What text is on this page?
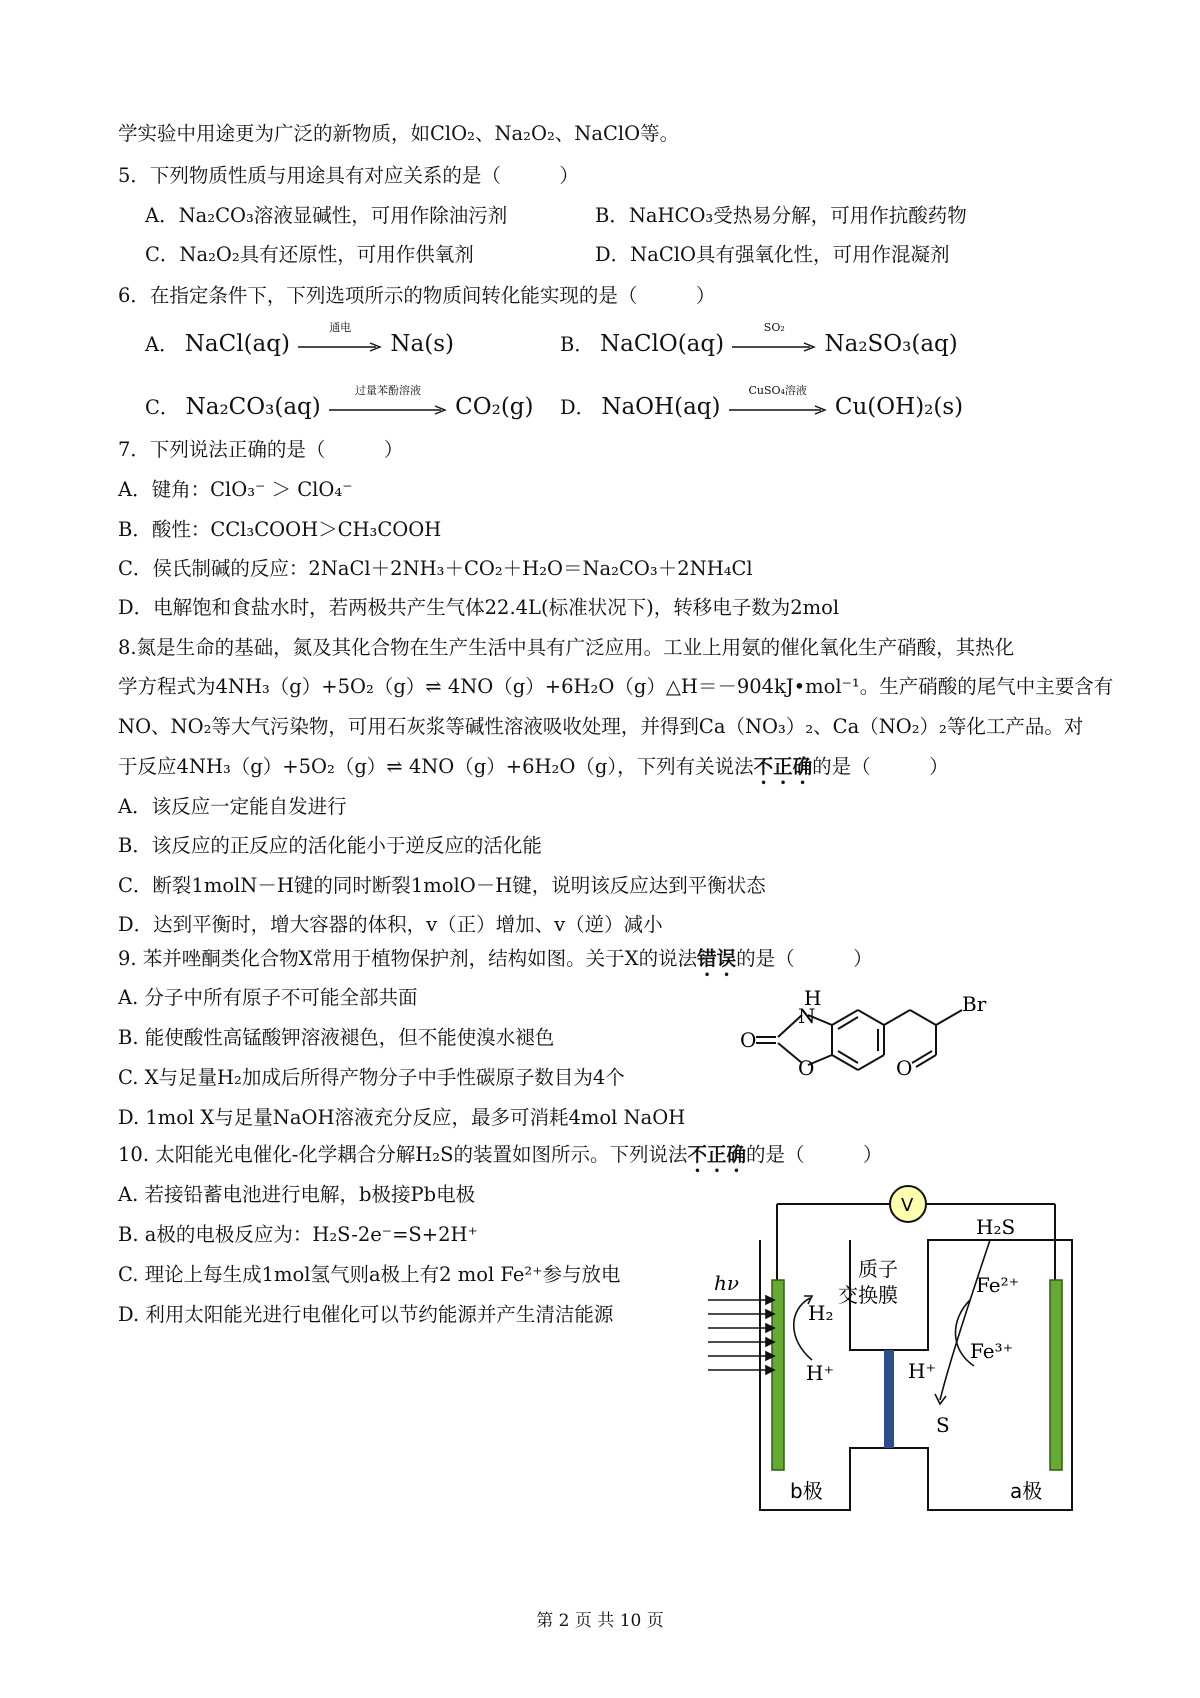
学实验中用途更为广泛的新物质，如ClO₂、Na₂O₂、NaClO等。
5．下列物质性质与用途具有对应关系的是（　　　）
A．Na₂CO₃溶液显碱性，可用作除油污剂	B．NaHCO₃受热易分解，可用作抗酸药物
C．Na₂O₂具有还原性，可用作供氧剂	D．NaClO具有强氧化性，可用作混凝剂
6．在指定条件下，下列选项所示的物质间转化能实现的是（　　　）
A． NaCl(aq)
通电
Na(s)	B． NaClO(aq)
SO₂
Na₂SO₃(aq)
C． Na₂CO₃(aq)
过量苯酚溶液
CO₂(g) D． NaOH(aq)
CuSO₄溶液
Cu(OH)₂(s)
7．下列说法正确的是（　　　）
A．键角：ClO₃⁻ ＞ ClO₄⁻
B．酸性：CCl₃COOH＞CH₃COOH
C．侯氏制碱的反应：2NaCl＋2NH₃＋CO₂＋H₂O＝Na₂CO₃＋2NH₄Cl
D．电解饱和食盐水时，若两极共产生气体22.4L(标准状况下)，转移电子数为2mol
8.氮是生命的基础，氮及其化合物在生产生活中具有广泛应用。工业上用氨的催化氧化生产硝酸，其热化
学方程式为4NH₃（g）+5O₂（g）⇌ 4NO（g）+6H₂O（g）△H＝－904kJ•mol⁻¹。生产硝酸的尾气中主要含有
NO、NO₂等大气污染物，可用石灰浆等碱性溶液吸收处理，并得到Ca（NO₃）₂、Ca（NO₂）₂等化工产品。对
于反应4NH₃（g）+5O₂（g）⇌ 4NO（g）+6H₂O（g），下列有关说法不正确的是（　　　）
A．该反应一定能自发进行
B．该反应的正反应的活化能小于逆反应的活化能
C．断裂1molN－H键的同时断裂1molO－H键，说明该反应达到平衡状态
D．达到平衡时，增大容器的体积，v（正）增加、v（逆）减小
9. 苯并唑酮类化合物X常用于植物保护剂，结构如图。关于X的说法错误的是（　　　）
A. 分子中所有原子不可能全部共面
B. 能使酸性高锰酸钾溶液褪色，但不能使溴水褪色
C. X与足量H₂加成后所得产物分子中手性碳原子数目为4个
D. 1mol X与足量NaOH溶液充分反应，最多可消耗4mol NaOH
H
N
O
O
Br
O
10. 太阳能光电催化-化学耦合分解H₂S的装置如图所示。下列说法不正确的是（　　　）
A. 若接铅蓄电池进行电解，b极接Pb电极
B. a极的电极反应为：H₂S-2e⁻=S+2H⁺
C. 理论上每生成1mol氢气则a极上有2 mol Fe²⁺参与放电
D. 利用太阳能光进行电催化可以节约能源并产生清洁能源
V
hν
H₂
H⁺
质子
交换膜
H₂S
Fe²⁺
Fe³⁺
H⁺
S
b极	a极
第 2 页 共 10 页
